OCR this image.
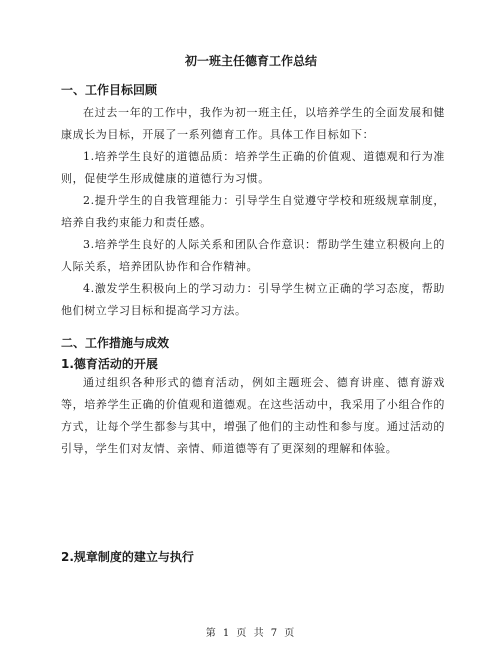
初一班主任德育工作总结
一、工作目标回顾

在过去一年的工作中，我作为初一班主任，以培养学生的全面发展和健康成长为目标，开展了一系列德育工作。具体工作目标如下：

1.培养学生良好的道德品质：培养学生正确的价值观、道德观和行为准则，促使学生形成健康的道德行为习惯。

2.提升学生的自我管理能力：引导学生自觉遵守学校和班级规章制度，培养自我约束能力和责任感。

3.培养学生良好的人际关系和团队合作意识：帮助学生建立积极向上的人际关系，培养团队协作和合作精神。

4.激发学生积极向上的学习动力：引导学生树立正确的学习态度，帮助他们树立学习目标和提高学习方法。

二、工作措施与成效
1.德育活动的开展

通过组织各种形式的德育活动，例如主题班会、德育讲座、德育游戏等，培养学生正确的价值观和道德观。在这些活动中，我采用了小组合作的方式，让每个学生都参与其中，增强了他们的主动性和参与度。通过活动的引导，学生们对友情、亲情、师道德等有了更深刻的理解和体验。

2.规章制度的建立与执行
第 1 页 共 7 页
